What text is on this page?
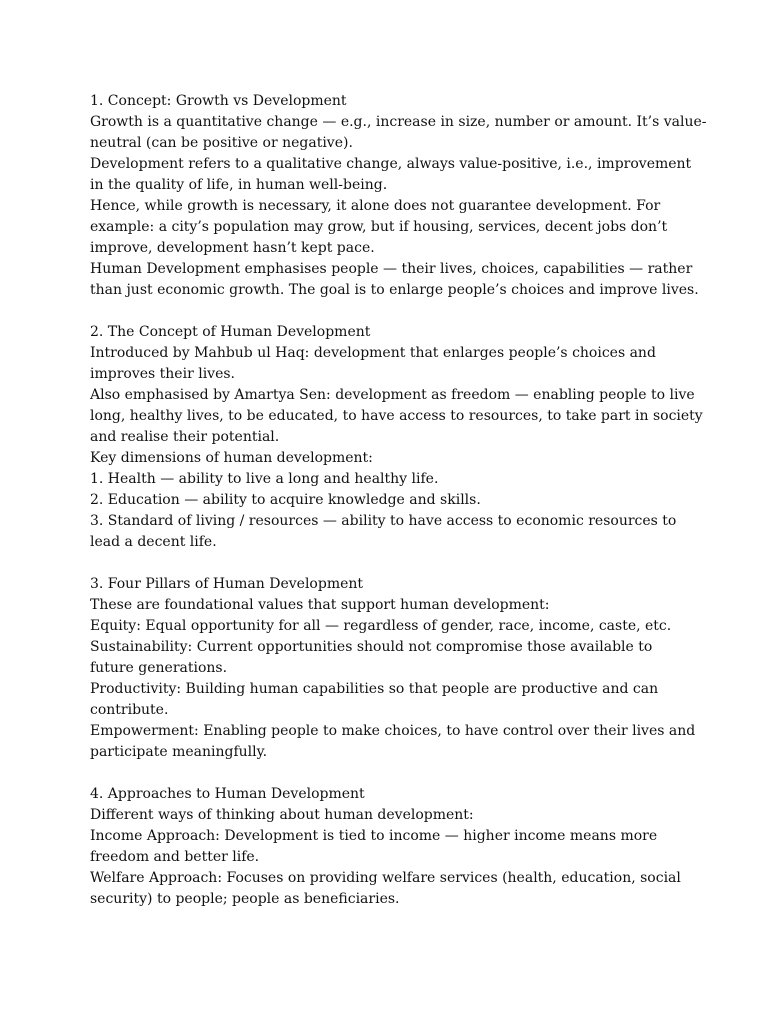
1. Concept: Growth vs Development
Growth is a quantitative change — e.g., increase in size, number or amount. It’s value-
neutral (can be positive or negative).
Development refers to a qualitative change, always value-positive, i.e., improvement
in the quality of life, in human well-being.
Hence, while growth is necessary, it alone does not guarantee development. For
example: a city’s population may grow, but if housing, services, decent jobs don’t
improve, development hasn’t kept pace.
Human Development emphasises people — their lives, choices, capabilities — rather
than just economic growth. The goal is to enlarge people’s choices and improve lives.
2. The Concept of Human Development
Introduced by Mahbub ul Haq: development that enlarges people’s choices and
improves their lives.
Also emphasised by Amartya Sen: development as freedom — enabling people to live
long, healthy lives, to be educated, to have access to resources, to take part in society
and realise their potential.
Key dimensions of human development:
1. Health — ability to live a long and healthy life.
2. Education — ability to acquire knowledge and skills.
3. Standard of living / resources — ability to have access to economic resources to
lead a decent life.
3. Four Pillars of Human Development
These are foundational values that support human development:
Equity: Equal opportunity for all — regardless of gender, race, income, caste, etc.
Sustainability: Current opportunities should not compromise those available to
future generations.
Productivity: Building human capabilities so that people are productive and can
contribute.
Empowerment: Enabling people to make choices, to have control over their lives and
participate meaningfully.
4. Approaches to Human Development
Different ways of thinking about human development:
Income Approach: Development is tied to income — higher income means more
freedom and better life.
Welfare Approach: Focuses on providing welfare services (health, education, social
security) to people; people as beneficiaries.
